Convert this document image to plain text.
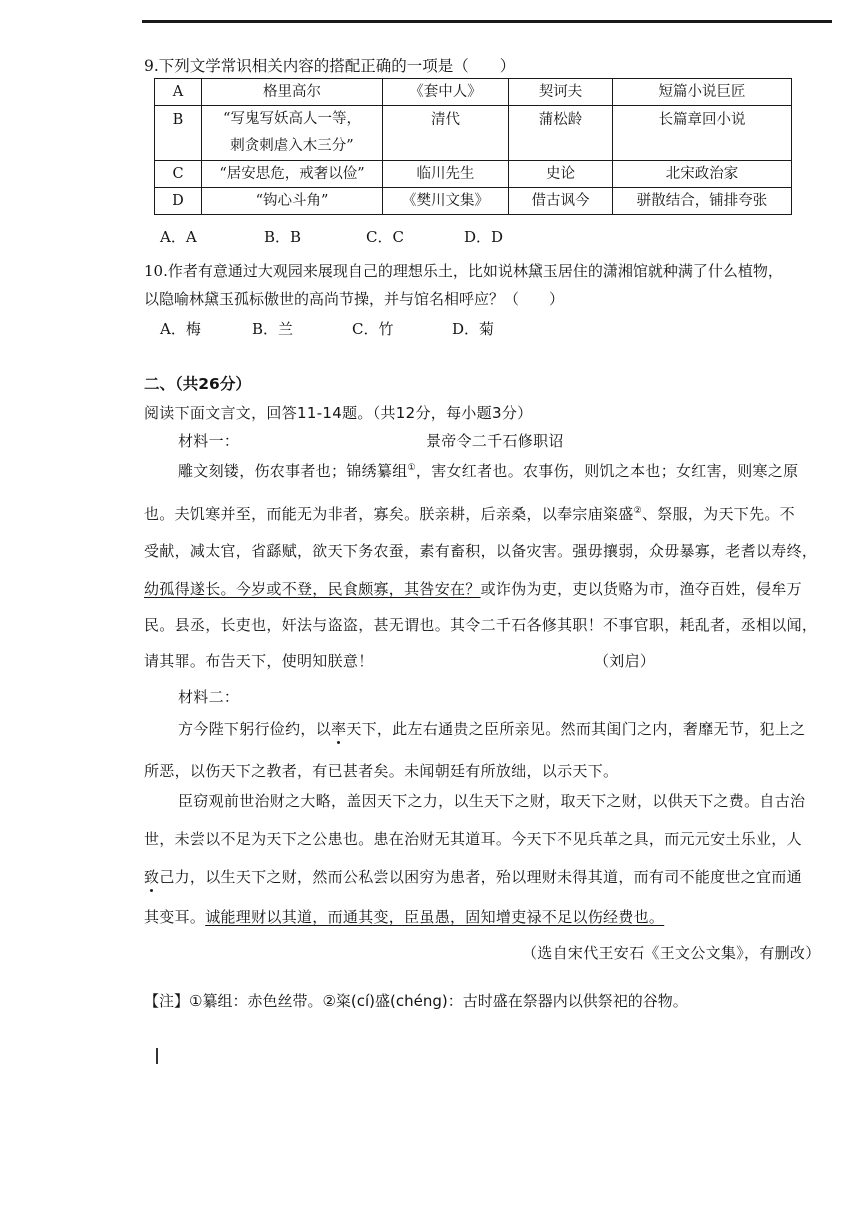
9.下列文学常识相关内容的搭配正确的一项是（　　）
A	格里高尔	《套中人》	契诃夫	短篇小说巨匠
B	“写鬼写妖高人一等，
刺贪刺虐入木三分”	清代	蒲松龄	长篇章回小说
C	“居安思危，戒奢以俭”	临川先生	史论	北宋政治家
D	“钩心斗角”	《樊川文集》	借古讽今	骈散结合，铺排夸张
A．A	B．B	C．C	D．D
10.作者有意通过大观园来展现自己的理想乐土，比如说林黛玉居住的潇湘馆就种满了什么植物，
以隐喻林黛玉孤标傲世的高尚节操，并与馆名相呼应？（　　）
A．梅	B．兰	C．竹	D．菊
二、（共26分）
阅读下面文言文，回答11-14题。（共12分，每小题3分）
材料一：	景帝令二千石修职诏
雕文刻镂，伤农事者也；锦绣纂组①，害女红者也。农事伤，则饥之本也；女红害，则寒之原
也。夫饥寒并至，而能无为非者，寡矣。朕亲耕，后亲桑，以奉宗庙粢盛②、祭服，为天下先。不
受献，减太官，省繇赋，欲天下务农蚕，素有畜积，以备灾害。强毋攘弱，众毋暴寡，老耆以寿终，
幼孤得遂长。今岁或不登，民食颇寡，其咎安在？或诈伪为吏，吏以货赂为市，渔夺百姓，侵牟万
民。县丞，长吏也，奸法与盗盗，甚无谓也。其令二千石各修其职！不事官职，耗乱者，丞相以闻，
请其罪。布告天下，使明知朕意！	（刘启）
材料二：
方今陛下躬行俭约，以率天下，此左右通贵之臣所亲见。然而其闺门之内，奢靡无节，犯上之
所恶，以伤天下之教者，有已甚者矣。未闻朝廷有所放绌，以示天下。
臣窃观前世治财之大略，盖因天下之力，以生天下之财，取天下之财，以供天下之费。自古治
世，未尝以不足为天下之公患也。患在治财无其道耳。今天下不见兵革之具，而元元安土乐业，人
致己力，以生天下之财，然而公私尝以困穷为患者，殆以理财未得其道，而有司不能度世之宜而通
其变耳。诚能理财以其道，而通其变，臣虽愚，固知增吏禄不足以伤经费也。
（选自宋代王安石《王文公文集》，有删改）
【注】①纂组：赤色丝带。②粢(cí)盛(chéng)：古时盛在祭器内以供祭祀的谷物。
